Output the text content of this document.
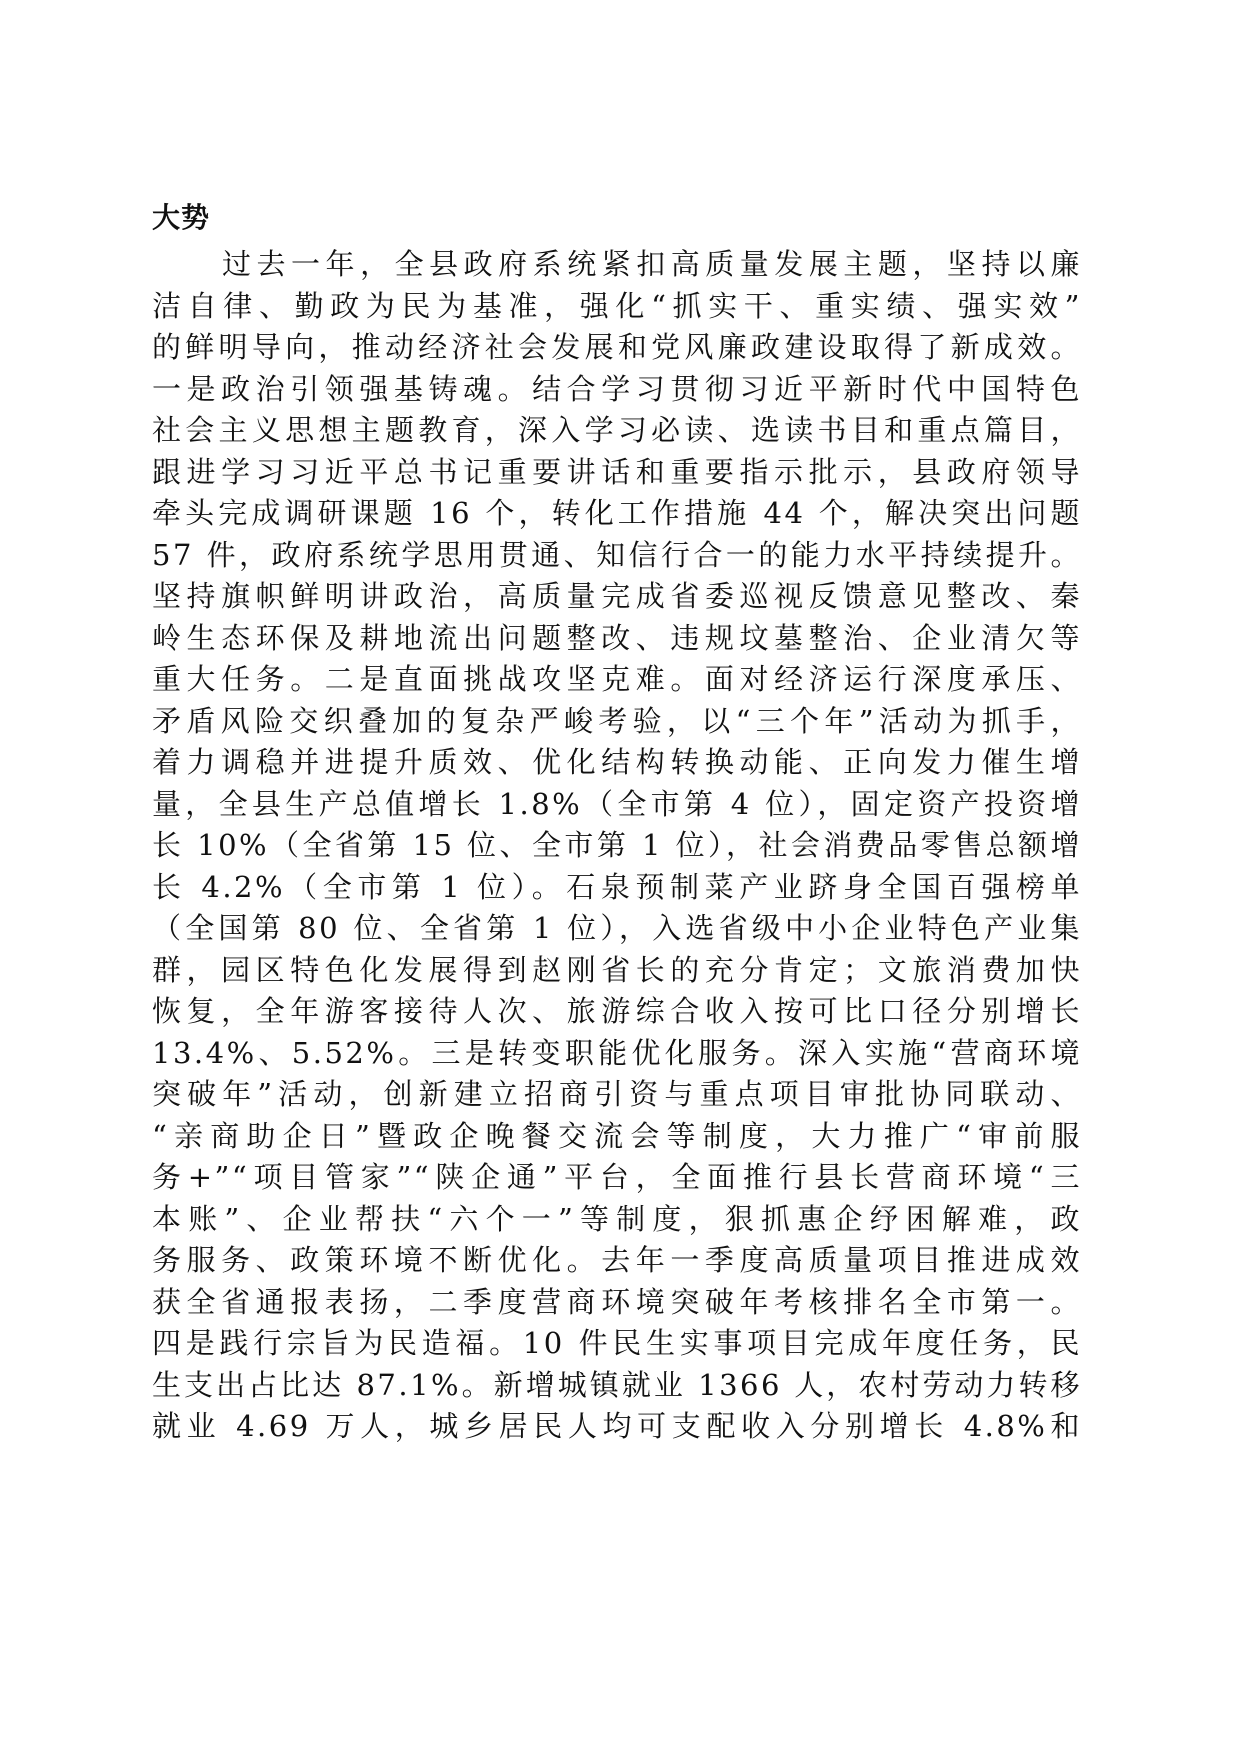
大势
过去一年，全县政府系统紧扣高质量发展主题，坚持以廉
洁自律、勤政为民为基准，强化“抓实干、重实绩、强实效”
的鲜明导向，推动经济社会发展和党风廉政建设取得了新成效。
一是政治引领强基铸魂。结合学习贯彻习近平新时代中国特色
社会主义思想主题教育，深入学习必读、选读书目和重点篇目，
跟进学习习近平总书记重要讲话和重要指示批示，县政府领导
牵头完成调研课题 16 个，转化工作措施 44 个，解决突出问题
57 件，政府系统学思用贯通、知信行合一的能力水平持续提升。
坚持旗帜鲜明讲政治，高质量完成省委巡视反馈意见整改、秦
岭生态环保及耕地流出问题整改、违规坟墓整治、企业清欠等
重大任务。二是直面挑战攻坚克难。面对经济运行深度承压、
矛盾风险交织叠加的复杂严峻考验，以“三个年”活动为抓手，
着力调稳并进提升质效、优化结构转换动能、正向发力催生增
量，全县生产总值增长 1.8%（全市第 4 位），固定资产投资增
长 10%（全省第 15 位、全市第 1 位），社会消费品零售总额增
长 4.2%（全市第 1 位）。石泉预制菜产业跻身全国百强榜单
（全国第 80 位、全省第 1 位），入选省级中小企业特色产业集
群，园区特色化发展得到赵刚省长的充分肯定；文旅消费加快
恢复，全年游客接待人次、旅游综合收入按可比口径分别增长
13.4%、5.52%。三是转变职能优化服务。深入实施“营商环境
突破年”活动，创新建立招商引资与重点项目审批协同联动、
“亲商助企日”暨政企晚餐交流会等制度，大力推广“审前服
务+”“项目管家”“陕企通”平台，全面推行县长营商环境“三
本账”、企业帮扶“六个一”等制度，狠抓惠企纾困解难，政
务服务、政策环境不断优化。去年一季度高质量项目推进成效
获全省通报表扬，二季度营商环境突破年考核排名全市第一。
四是践行宗旨为民造福。10 件民生实事项目完成年度任务，民
生支出占比达 87.1%。新增城镇就业 1366 人，农村劳动力转移
就业 4.69 万人，城乡居民人均可支配收入分别增长 4.8%和
